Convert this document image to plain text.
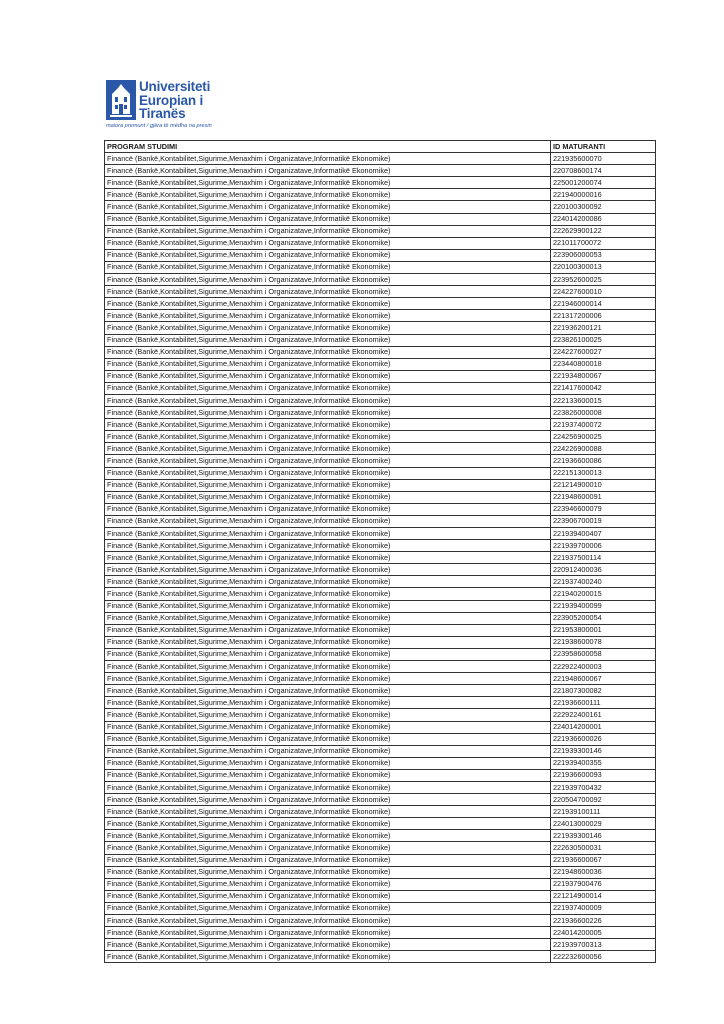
Universiteti
Europian i
Tiranës
maiora premunt / gjëra të mëdha na presin
PROGRAM STUDIMI	ID MATURANTI
Financë (Bankë,Kontabilitet,Sigurime,Menaxhim i Organizatave,Informatikë Ekonomike)	221935600070
Financë (Bankë,Kontabilitet,Sigurime,Menaxhim i Organizatave,Informatikë Ekonomike)	220708600174
Financë (Bankë,Kontabilitet,Sigurime,Menaxhim i Organizatave,Informatikë Ekonomike)	225001200074
Financë (Bankë,Kontabilitet,Sigurime,Menaxhim i Organizatave,Informatikë Ekonomike)	221940000016
Financë (Bankë,Kontabilitet,Sigurime,Menaxhim i Organizatave,Informatikë Ekonomike)	220100300092
Financë (Bankë,Kontabilitet,Sigurime,Menaxhim i Organizatave,Informatikë Ekonomike)	224014200086
Financë (Bankë,Kontabilitet,Sigurime,Menaxhim i Organizatave,Informatikë Ekonomike)	222629900122
Financë (Bankë,Kontabilitet,Sigurime,Menaxhim i Organizatave,Informatikë Ekonomike)	221011700072
Financë (Bankë,Kontabilitet,Sigurime,Menaxhim i Organizatave,Informatikë Ekonomike)	223906000053
Financë (Bankë,Kontabilitet,Sigurime,Menaxhim i Organizatave,Informatikë Ekonomike)	220100300013
Financë (Bankë,Kontabilitet,Sigurime,Menaxhim i Organizatave,Informatikë Ekonomike)	223952600025
Financë (Bankë,Kontabilitet,Sigurime,Menaxhim i Organizatave,Informatikë Ekonomike)	224227600010
Financë (Bankë,Kontabilitet,Sigurime,Menaxhim i Organizatave,Informatikë Ekonomike)	221946000014
Financë (Bankë,Kontabilitet,Sigurime,Menaxhim i Organizatave,Informatikë Ekonomike)	221317200006
Financë (Bankë,Kontabilitet,Sigurime,Menaxhim i Organizatave,Informatikë Ekonomike)	221936200121
Financë (Bankë,Kontabilitet,Sigurime,Menaxhim i Organizatave,Informatikë Ekonomike)	223826100025
Financë (Bankë,Kontabilitet,Sigurime,Menaxhim i Organizatave,Informatikë Ekonomike)	224227600027
Financë (Bankë,Kontabilitet,Sigurime,Menaxhim i Organizatave,Informatikë Ekonomike)	223440800018
Financë (Bankë,Kontabilitet,Sigurime,Menaxhim i Organizatave,Informatikë Ekonomike)	221934800067
Financë (Bankë,Kontabilitet,Sigurime,Menaxhim i Organizatave,Informatikë Ekonomike)	221417600042
Financë (Bankë,Kontabilitet,Sigurime,Menaxhim i Organizatave,Informatikë Ekonomike)	222133600015
Financë (Bankë,Kontabilitet,Sigurime,Menaxhim i Organizatave,Informatikë Ekonomike)	223826000008
Financë (Bankë,Kontabilitet,Sigurime,Menaxhim i Organizatave,Informatikë Ekonomike)	221937400072
Financë (Bankë,Kontabilitet,Sigurime,Menaxhim i Organizatave,Informatikë Ekonomike)	224256900025
Financë (Bankë,Kontabilitet,Sigurime,Menaxhim i Organizatave,Informatikë Ekonomike)	224226900088
Financë (Bankë,Kontabilitet,Sigurime,Menaxhim i Organizatave,Informatikë Ekonomike)	221936600086
Financë (Bankë,Kontabilitet,Sigurime,Menaxhim i Organizatave,Informatikë Ekonomike)	222151300013
Financë (Bankë,Kontabilitet,Sigurime,Menaxhim i Organizatave,Informatikë Ekonomike)	221214900010
Financë (Bankë,Kontabilitet,Sigurime,Menaxhim i Organizatave,Informatikë Ekonomike)	221948600091
Financë (Bankë,Kontabilitet,Sigurime,Menaxhim i Organizatave,Informatikë Ekonomike)	223946600079
Financë (Bankë,Kontabilitet,Sigurime,Menaxhim i Organizatave,Informatikë Ekonomike)	223906700019
Financë (Bankë,Kontabilitet,Sigurime,Menaxhim i Organizatave,Informatikë Ekonomike)	221939400407
Financë (Bankë,Kontabilitet,Sigurime,Menaxhim i Organizatave,Informatikë Ekonomike)	221939700006
Financë (Bankë,Kontabilitet,Sigurime,Menaxhim i Organizatave,Informatikë Ekonomike)	221937500114
Financë (Bankë,Kontabilitet,Sigurime,Menaxhim i Organizatave,Informatikë Ekonomike)	220912400036
Financë (Bankë,Kontabilitet,Sigurime,Menaxhim i Organizatave,Informatikë Ekonomike)	221937400240
Financë (Bankë,Kontabilitet,Sigurime,Menaxhim i Organizatave,Informatikë Ekonomike)	221940200015
Financë (Bankë,Kontabilitet,Sigurime,Menaxhim i Organizatave,Informatikë Ekonomike)	221939400099
Financë (Bankë,Kontabilitet,Sigurime,Menaxhim i Organizatave,Informatikë Ekonomike)	223905200054
Financë (Bankë,Kontabilitet,Sigurime,Menaxhim i Organizatave,Informatikë Ekonomike)	221953800001
Financë (Bankë,Kontabilitet,Sigurime,Menaxhim i Organizatave,Informatikë Ekonomike)	221938600078
Financë (Bankë,Kontabilitet,Sigurime,Menaxhim i Organizatave,Informatikë Ekonomike)	223958600058
Financë (Bankë,Kontabilitet,Sigurime,Menaxhim i Organizatave,Informatikë Ekonomike)	222922400003
Financë (Bankë,Kontabilitet,Sigurime,Menaxhim i Organizatave,Informatikë Ekonomike)	221948600067
Financë (Bankë,Kontabilitet,Sigurime,Menaxhim i Organizatave,Informatikë Ekonomike)	221807300082
Financë (Bankë,Kontabilitet,Sigurime,Menaxhim i Organizatave,Informatikë Ekonomike)	221936600111
Financë (Bankë,Kontabilitet,Sigurime,Menaxhim i Organizatave,Informatikë Ekonomike)	222922400161
Financë (Bankë,Kontabilitet,Sigurime,Menaxhim i Organizatave,Informatikë Ekonomike)	224014200001
Financë (Bankë,Kontabilitet,Sigurime,Menaxhim i Organizatave,Informatikë Ekonomike)	221936600026
Financë (Bankë,Kontabilitet,Sigurime,Menaxhim i Organizatave,Informatikë Ekonomike)	221939300146
Financë (Bankë,Kontabilitet,Sigurime,Menaxhim i Organizatave,Informatikë Ekonomike)	221939400355
Financë (Bankë,Kontabilitet,Sigurime,Menaxhim i Organizatave,Informatikë Ekonomike)	221936600093
Financë (Bankë,Kontabilitet,Sigurime,Menaxhim i Organizatave,Informatikë Ekonomike)	221939700432
Financë (Bankë,Kontabilitet,Sigurime,Menaxhim i Organizatave,Informatikë Ekonomike)	220504700092
Financë (Bankë,Kontabilitet,Sigurime,Menaxhim i Organizatave,Informatikë Ekonomike)	221939100111
Financë (Bankë,Kontabilitet,Sigurime,Menaxhim i Organizatave,Informatikë Ekonomike)	224013000029
Financë (Bankë,Kontabilitet,Sigurime,Menaxhim i Organizatave,Informatikë Ekonomike)	221939300146
Financë (Bankë,Kontabilitet,Sigurime,Menaxhim i Organizatave,Informatikë Ekonomike)	222630500031
Financë (Bankë,Kontabilitet,Sigurime,Menaxhim i Organizatave,Informatikë Ekonomike)	221936600067
Financë (Bankë,Kontabilitet,Sigurime,Menaxhim i Organizatave,Informatikë Ekonomike)	221948600036
Financë (Bankë,Kontabilitet,Sigurime,Menaxhim i Organizatave,Informatikë Ekonomike)	221937900476
Financë (Bankë,Kontabilitet,Sigurime,Menaxhim i Organizatave,Informatikë Ekonomike)	221214900014
Financë (Bankë,Kontabilitet,Sigurime,Menaxhim i Organizatave,Informatikë Ekonomike)	221937400009
Financë (Bankë,Kontabilitet,Sigurime,Menaxhim i Organizatave,Informatikë Ekonomike)	221936600226
Financë (Bankë,Kontabilitet,Sigurime,Menaxhim i Organizatave,Informatikë Ekonomike)	224014200005
Financë (Bankë,Kontabilitet,Sigurime,Menaxhim i Organizatave,Informatikë Ekonomike)	221939700313
Financë (Bankë,Kontabilitet,Sigurime,Menaxhim i Organizatave,Informatikë Ekonomike)	222232600056
